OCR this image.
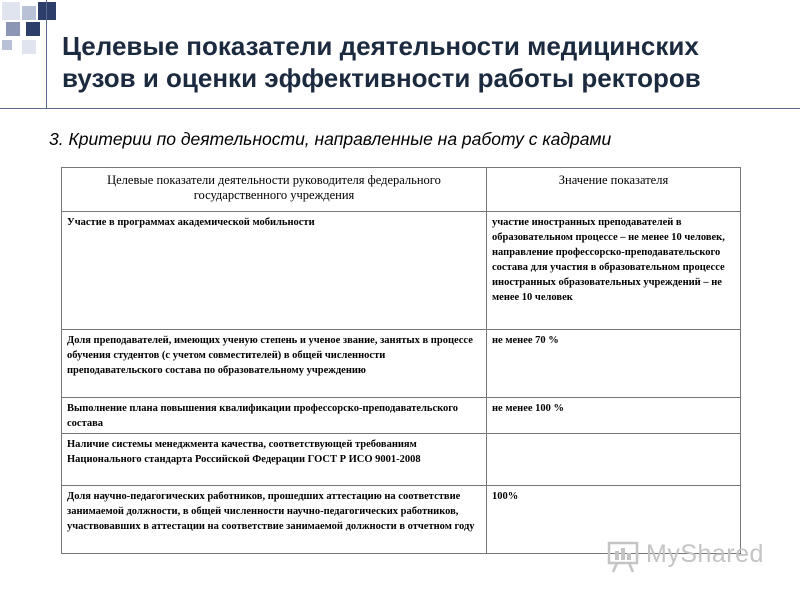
Целевые показатели деятельности медицинских вузов и оценки эффективности работы ректоров

3. Критерии по деятельности, направленные на работу с кадрами

Целевые показатели деятельности руководителя федерального государственного учреждения	Значение показателя
Участие в программах академической мобильности	участие иностранных преподавателей в образовательном процессе – не менее 10 человек, направление профессорско-преподавательского состава для участия в образовательном процессе иностранных образовательных учреждений – не менее 10 человек
Доля преподавателей, имеющих ученую степень и ученое звание, занятых в процессе обучения студентов (с учетом совместителей) в общей численности преподавательского состава по образовательному учреждению	не менее 70 %
Выполнение плана повышения квалификации профессорско-преподавательского состава	не менее 100 %
Наличие системы менеджмента качества, соответствующей требованиям Национального стандарта Российской Федерации ГОСТ Р ИСО 9001-2008	
Доля научно-педагогических работников, прошедших аттестацию на соответствие занимаемой должности, в общей численности научно-педагогических работников, участвовавших в аттестации на соответствие занимаемой должности в отчетном году	100%
MyShared
